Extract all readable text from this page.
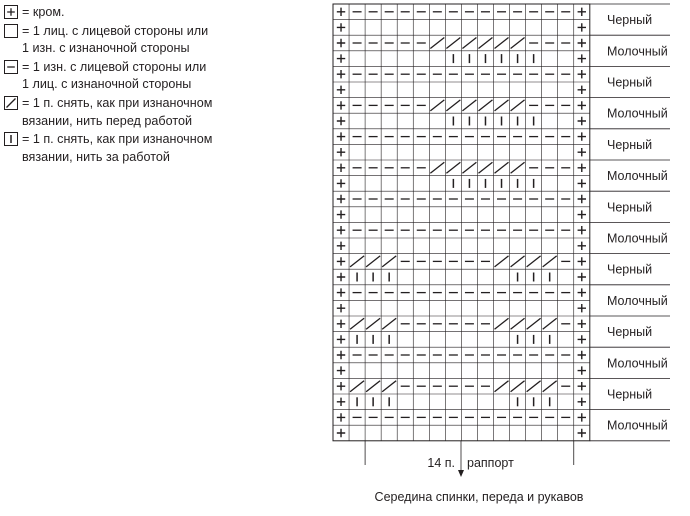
= кром.
= 1 лиц. с лицевой стороны или
1 изн. с изнаночной стороны
= 1 изн. с лицевой стороны или
1 лиц. с изнаночной стороны
= 1 п. снять, как при изнаночном
вязании, нить перед работой
= 1 п. снять, как при изнаночном
вязании, нить за работой
Черный
Молочный
Черный
Молочный
Черный
Молочный
Черный
Молочный
Черный
Молочный
Черный
Молочный
Черный
Молочный
14 п. раппорт
Середина спинки, переда и рукавов
